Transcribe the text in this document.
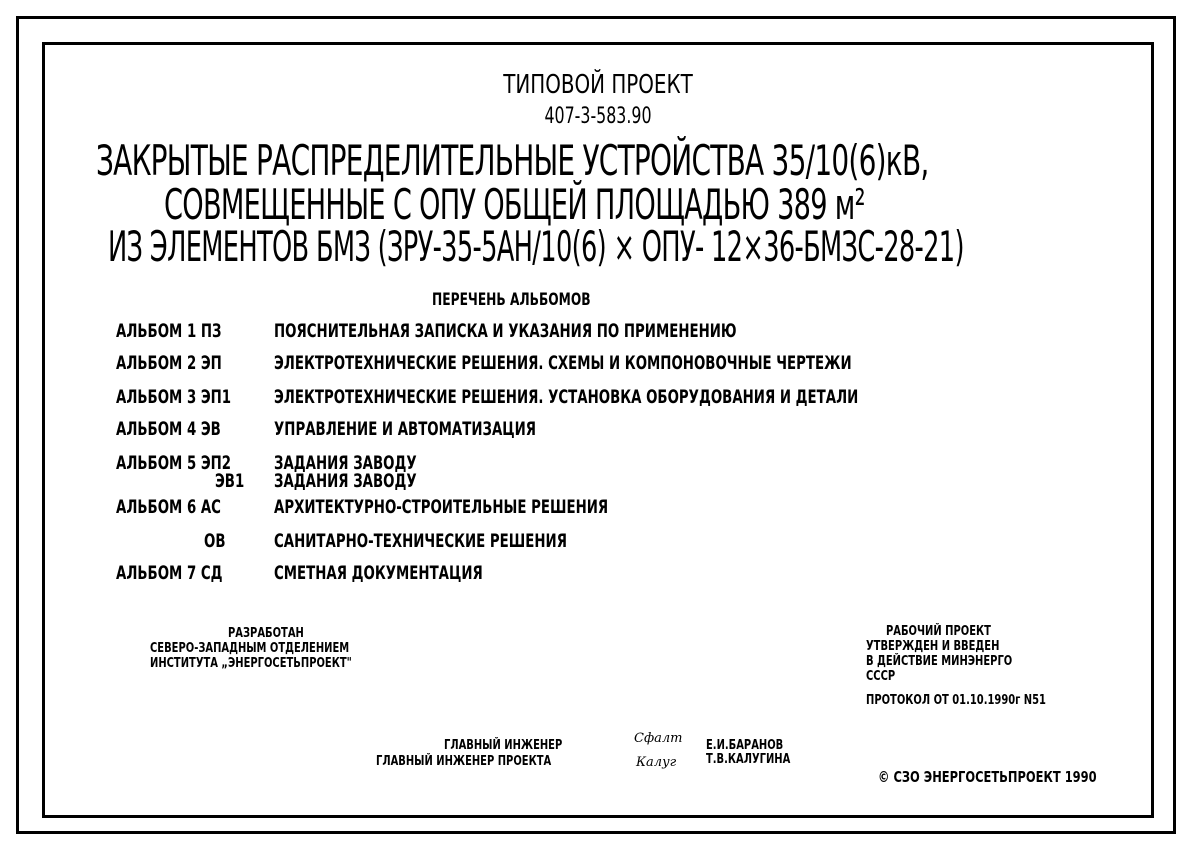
ТИПОВОЙ ПРОЕКТ
407-3-583.90
ЗАКРЫТЫЕ РАСПРЕДЕЛИТЕЛЬНЫЕ УСТРОЙСТВА 35/10(6)кВ,
СОВМЕЩЕННЫЕ С ОПУ ОБЩЕЙ ПЛОЩАДЬЮ 389 м²
ИЗ ЭЛЕМЕНТОВ БМЗ (ЗРУ-35-5АН/10(6) × ОПУ- 12×36-БМЗС-28-21)
ПЕРЕЧЕНЬ АЛЬБОМОВ
АЛЬБОМ 1 ПЗ	ПОЯСНИТЕЛЬНАЯ ЗАПИСКА И УКАЗАНИЯ ПО ПРИМЕНЕНИЮ
АЛЬБОМ 2 ЭП	ЭЛЕКТРОТЕХНИЧЕСКИЕ РЕШЕНИЯ. СХЕМЫ И КОМПОНОВОЧНЫЕ ЧЕРТЕЖИ
АЛЬБОМ 3 ЭП1 ЭЛЕКТРОТЕХНИЧЕСКИЕ РЕШЕНИЯ. УСТАНОВКА ОБОРУДОВАНИЯ И ДЕТАЛИ
АЛЬБОМ 4 ЭВ	УПРАВЛЕНИЕ И АВТОМАТИЗАЦИЯ
АЛЬБОМ 5 ЭП2 ЗАДАНИЯ ЗАВОДУ
ЭВ1 ЗАДАНИЯ ЗАВОДУ
АЛЬБОМ 6 АС	АРХИТЕКТУРНО-СТРОИТЕЛЬНЫЕ РЕШЕНИЯ
ОВ	САНИТАРНО-ТЕХНИЧЕСКИЕ РЕШЕНИЯ
АЛЬБОМ 7 СД	СМЕТНАЯ ДОКУМЕНТАЦИЯ
РАЗРАБОТАН
СЕВЕРО-ЗАПАДНЫМ ОТДЕЛЕНИЕМ
ИНСТИТУТА „ЭНЕРГОСЕТЬПРОЕКТ"
РАБОЧИЙ ПРОЕКТ
УТВЕРЖДЕН И ВВЕДЕН
В ДЕЙСТВИЕ МИНЭНЕРГО
СССР
ПРОТОКОЛ ОТ 01.10.1990г N51
ГЛАВНЫЙ ИНЖЕНЕР
ГЛАВНЫЙ ИНЖЕНЕР ПРОЕКТА
Сфалт
Калуг
Е.И.БАРАНОВ
Т.В.КАЛУГИНА
© СЗО ЭНЕРГОСЕТЬПРОЕКТ 1990
